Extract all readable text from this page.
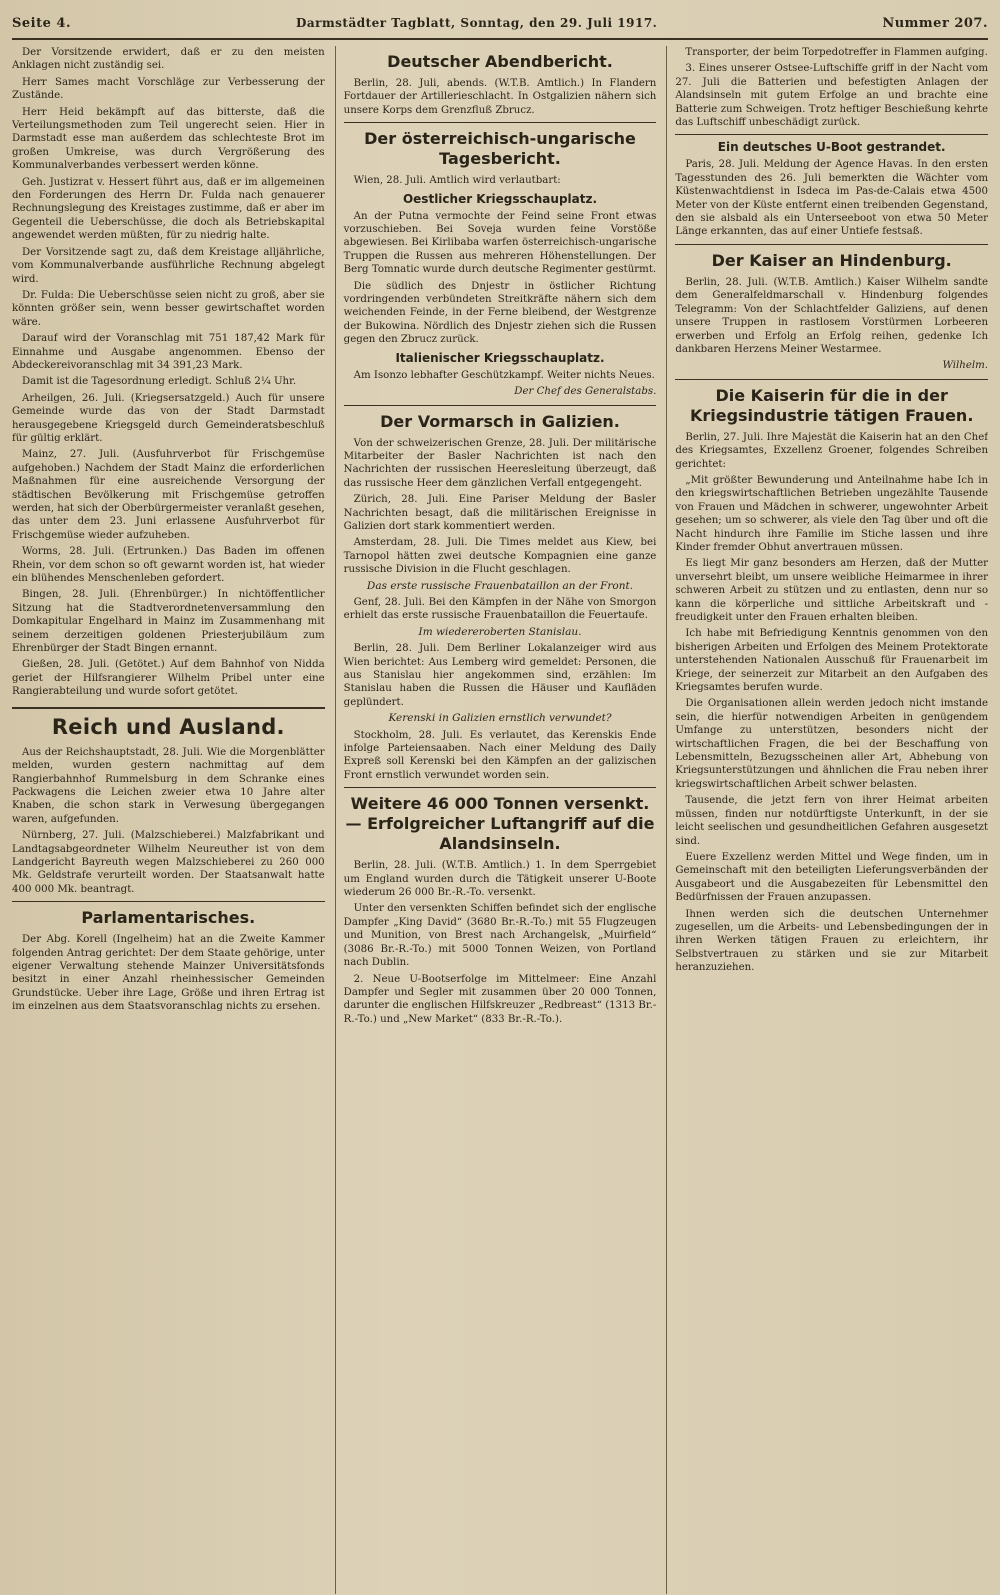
Seite 4.	Darmstädter Tagblatt, Sonntag, den 29. Juli 1917.	Nummer 207.

Der Vorsitzende erwidert, daß er zu den meisten Anklagen nicht zuständig sei.

Herr Sames macht Vorschläge zur Verbesserung der Zustände.

Herr Heid bekämpft auf das bitterste, daß die Verteilungsmethoden zum Teil ungerecht seien. Hier in Darmstadt esse man außerdem das schlechteste Brot im großen Umkreise, was durch Vergrößerung des Kommunalverbandes verbessert werden könne.

Geh. Justizrat v. Hessert führt aus, daß er im allgemeinen den Forderungen des Herrn Dr. Fulda nach genauerer Rechnungslegung des Kreistages zustimme, daß er aber im Gegenteil die Ueberschüsse, die doch als Betriebskapital angewendet werden müßten, für zu niedrig halte.

Der Vorsitzende sagt zu, daß dem Kreistage alljährliche, vom Kommunalverbande ausführliche Rechnung abgelegt wird.

Dr. Fulda: Die Ueberschüsse seien nicht zu groß, aber sie könnten größer sein, wenn besser gewirtschaftet worden wäre.

Darauf wird der Voranschlag mit 751 187,42 Mark für Einnahme und Ausgabe angenommen. Ebenso der Abdeckereivoranschlag mit 34 391,23 Mark.

Damit ist die Tagesordnung erledigt. Schluß 2¼ Uhr.

Arheilgen, 26. Juli. (Kriegsersatzgeld.) Auch für unsere Gemeinde wurde das von der Stadt Darmstadt herausgegebene Kriegsgeld durch Gemeinderatsbeschluß für gültig erklärt.

Mainz, 27. Juli. (Ausfuhrverbot für Frischgemüse aufgehoben.) Nachdem der Stadt Mainz die erforderlichen Maßnahmen für eine ausreichende Versorgung der städtischen Bevölkerung mit Frischgemüse getroffen werden, hat sich der Oberbürgermeister veranlaßt gesehen, das unter dem 23. Juni erlassene Ausfuhrverbot für Frischgemüse wieder aufzuheben.

Worms, 28. Juli. (Ertrunken.) Das Baden im offenen Rhein, vor dem schon so oft gewarnt worden ist, hat wieder ein blühendes Menschenleben gefordert.

Bingen, 28. Juli. (Ehrenbürger.) In nichtöffentlicher Sitzung hat die Stadtverordnetenversammlung den Domkapitular Engelhard in Mainz im Zusammenhang mit seinem derzeitigen goldenen Priesterjubiläum zum Ehrenbürger der Stadt Bingen ernannt.

Gießen, 28. Juli. (Getötet.) Auf dem Bahnhof von Nidda geriet der Hilfsrangierer Wilhelm Pribel unter eine Rangierabteilung und wurde sofort getötet.

Reich und Ausland.

Aus der Reichshauptstadt, 28. Juli. Wie die Morgenblätter melden, wurden gestern nachmittag auf dem Rangierbahnhof Rummelsburg in dem Schranke eines Packwagens die Leichen zweier etwa 10 Jahre alter Knaben, die schon stark in Verwesung übergegangen waren, aufgefunden.

Nürnberg, 27. Juli. (Malzschieberei.) Malzfabrikant und Landtagsabgeordneter Wilhelm Neureuther ist von dem Landgericht Bayreuth wegen Malzschieberei zu 260 000 Mk. Geldstrafe verurteilt worden. Der Staatsanwalt hatte 400 000 Mk. beantragt.

Parlamentarisches.

Der Abg. Korell (Ingelheim) hat an die Zweite Kammer folgenden Antrag gerichtet: Der dem Staate gehörige, unter eigener Verwaltung stehende Mainzer Universitätsfonds besitzt in einer Anzahl rheinhessischer Gemeinden Grundstücke. Ueber ihre Lage, Größe und ihren Ertrag ist im einzelnen aus dem Staatsvoranschlag nichts zu ersehen.

Deutscher Abendbericht.

Berlin, 28. Juli, abends. (W.T.B. Amtlich.) In Flandern Fortdauer der Artillerieschlacht. In Ostgalizien nähern sich unsere Korps dem Grenzfluß Zbrucz.

Der österreichisch-ungarische Tagesbericht.

Wien, 28. Juli. Amtlich wird verlautbart:

Oestlicher Kriegsschauplatz.

An der Putna vermochte der Feind seine Front etwas vorzuschieben. Bei Soveja wurden feine Vorstöße abgewiesen. Bei Kirlibaba warfen österreichisch-ungarische Truppen die Russen aus mehreren Höhenstellungen. Der Berg Tomnatic wurde durch deutsche Regimenter gestürmt.

Die südlich des Dnjestr in östlicher Richtung vordringenden verbündeten Streitkräfte nähern sich dem weichenden Feinde, in der Ferne bleibend, der Westgrenze der Bukowina. Nördlich des Dnjestr ziehen sich die Russen gegen den Zbrucz zurück.

Italienischer Kriegsschauplatz.

Am Isonzo lebhafter Geschützkampf. Weiter nichts Neues.

Der Chef des Generalstabs.
Der Vormarsch in Galizien.

Von der schweizerischen Grenze, 28. Juli. Der militärische Mitarbeiter der Basler Nachrichten ist nach den Nachrichten der russischen Heeresleitung überzeugt, daß das russische Heer dem gänzlichen Verfall entgegengeht.

Zürich, 28. Juli. Eine Pariser Meldung der Basler Nachrichten besagt, daß die militärischen Ereignisse in Galizien dort stark kommentiert werden.

Amsterdam, 28. Juli. Die Times meldet aus Kiew, bei Tarnopol hätten zwei deutsche Kompagnien eine ganze russische Division in die Flucht geschlagen.

Das erste russische Frauenbataillon an der Front.

Genf, 28. Juli. Bei den Kämpfen in der Nähe von Smorgon erhielt das erste russische Frauenbataillon die Feuertaufe.

Im wiedereroberten Stanislau.

Berlin, 28. Juli. Dem Berliner Lokalanzeiger wird aus Wien berichtet: Aus Lemberg wird gemeldet: Personen, die aus Stanislau hier angekommen sind, erzählen: Im Stanislau haben die Russen die Häuser und Kaufläden geplündert.

Kerenski in Galizien ernstlich verwundet?

Stockholm, 28. Juli. Es verlautet, das Kerenskis Ende infolge Parteiensaaben. Nach einer Meldung des Daily Expreß soll Kerenski bei den Kämpfen an der galizischen Front ernstlich verwundet worden sein.

Weitere 46 000 Tonnen versenkt. — Erfolgreicher Luftangriff auf die Alandsinseln.

Berlin, 28. Juli. (W.T.B. Amtlich.) 1. In dem Sperrgebiet um England wurden durch die Tätigkeit unserer U-Boote wiederum 26 000 Br.-R.-To. versenkt.

Unter den versenkten Schiffen befindet sich der englische Dampfer „King David“ (3680 Br.-R.-To.) mit 55 Flugzeugen und Munition, von Brest nach Archangelsk, „Muirfield“ (3086 Br.-R.-To.) mit 5000 Tonnen Weizen, von Portland nach Dublin.

2. Neue U-Bootserfolge im Mittelmeer: Eine Anzahl Dampfer und Segler mit zusammen über 20 000 Tonnen, darunter die englischen Hilfskreuzer „Redbreast“ (1313 Br.-R.-To.) und „New Market“ (833 Br.-R.-To.).

Transporter, der beim Torpedotreffer in Flammen aufging.

3. Eines unserer Ostsee-Luftschiffe griff in der Nacht vom 27. Juli die Batterien und befestigten Anlagen der Alandsinseln mit gutem Erfolge an und brachte eine Batterie zum Schweigen. Trotz heftiger Beschießung kehrte das Luftschiff unbeschädigt zurück.

Ein deutsches U-Boot gestrandet.

Paris, 28. Juli. Meldung der Agence Havas. In den ersten Tagesstunden des 26. Juli bemerkten die Wächter vom Küstenwachtdienst in Isdeca im Pas-de-Calais etwa 4500 Meter von der Küste entfernt einen treibenden Gegenstand, den sie alsbald als ein Unterseeboot von etwa 50 Meter Länge erkannten, das auf einer Untiefe festsaß.

Der Kaiser an Hindenburg.

Berlin, 28. Juli. (W.T.B. Amtlich.) Kaiser Wilhelm sandte dem Generalfeldmarschall v. Hindenburg folgendes Telegramm: Von der Schlachtfelder Galiziens, auf denen unsere Truppen in rastlosem Vorstürmen Lorbeeren erwerben und Erfolg an Erfolg reihen, gedenke Ich dankbaren Herzens Meiner Westarmee.

Wilhelm.
Die Kaiserin für die in der Kriegsindustrie tätigen Frauen.

Berlin, 27. Juli. Ihre Majestät die Kaiserin hat an den Chef des Kriegsamtes, Exzellenz Groener, folgendes Schreiben gerichtet:

„Mit größter Bewunderung und Anteilnahme habe Ich in den kriegswirtschaftlichen Betrieben ungezählte Tausende von Frauen und Mädchen in schwerer, ungewohnter Arbeit gesehen; um so schwerer, als viele den Tag über und oft die Nacht hindurch ihre Familie im Stiche lassen und ihre Kinder fremder Obhut anvertrauen müssen.

Es liegt Mir ganz besonders am Herzen, daß der Mutter unversehrt bleibt, um unsere weibliche Heimarmee in ihrer schweren Arbeit zu stützen und zu entlasten, denn nur so kann die körperliche und sittliche Arbeitskraft und -freudigkeit unter den Frauen erhalten bleiben.

Ich habe mit Befriedigung Kenntnis genommen von den bisherigen Arbeiten und Erfolgen des Meinem Protektorate unterstehenden Nationalen Ausschuß für Frauenarbeit im Kriege, der seinerzeit zur Mitarbeit an den Aufgaben des Kriegsamtes berufen wurde.

Die Organisationen allein werden jedoch nicht imstande sein, die hierfür notwendigen Arbeiten in genügendem Umfange zu unterstützen, besonders nicht der wirtschaftlichen Fragen, die bei der Beschaffung von Lebensmitteln, Bezugsscheinen aller Art, Abhebung von Kriegsunterstützungen und ähnlichen die Frau neben ihrer kriegswirtschaftlichen Arbeit schwer belasten.

Tausende, die jetzt fern von ihrer Heimat arbeiten müssen, finden nur notdürftigste Unterkunft, in der sie leicht seelischen und gesundheitlichen Gefahren ausgesetzt sind.

Euere Exzellenz werden Mittel und Wege finden, um in Gemeinschaft mit den beteiligten Lieferungsverbänden der Ausgabeort und die Ausgabezeiten für Lebensmittel den Bedürfnissen der Frauen anzupassen.

Ihnen werden sich die deutschen Unternehmer zugesellen, um die Arbeits- und Lebensbedingungen der in ihren Werken tätigen Frauen zu erleichtern, ihr Selbstvertrauen zu stärken und sie zur Mitarbeit heranzuziehen.
